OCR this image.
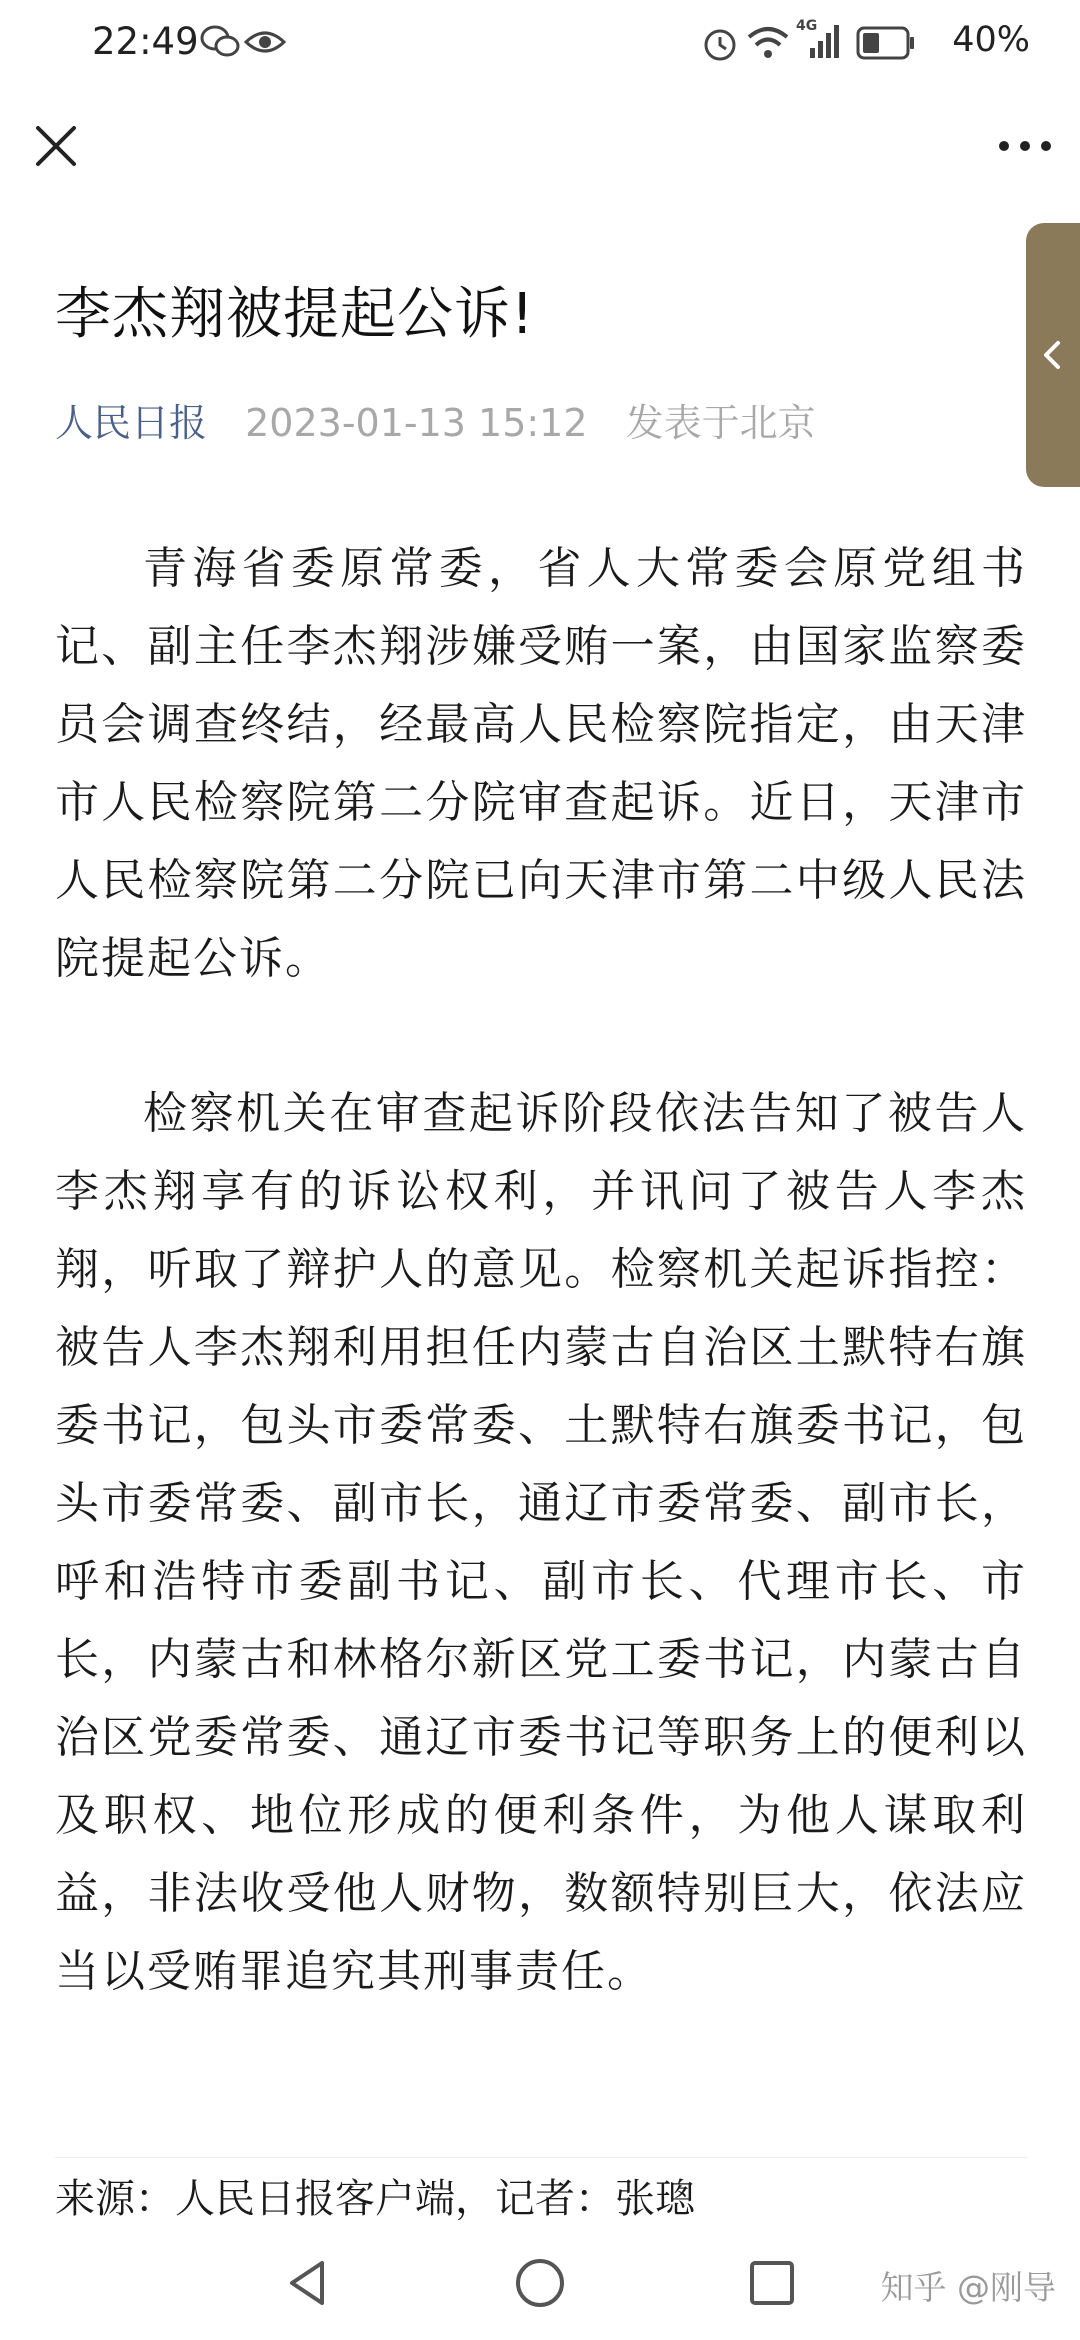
22:49	4G	40%
李杰翔被提起公诉!
人民日报 2023-01-13 15:12 发表于北京

青海省委原常委，省人大常委会原党组书记、副主任李杰翔涉嫌受贿一案，由国家监察委员会调查终结，经最高人民检察院指定，由天津市人民检察院第二分院审查起诉。近日，天津市人民检察院第二分院已向天津市第二中级人民法院提起公诉。

检察机关在审查起诉阶段依法告知了被告人李杰翔享有的诉讼权利，并讯问了被告人李杰翔，听取了辩护人的意见。检察机关起诉指控：被告人李杰翔利用担任内蒙古自治区土默特右旗委书记，包头市委常委、土默特右旗委书记，包头市委常委、副市长，通辽市委常委、副市长，呼和浩特市委副书记、副市长、代理市长、市长，内蒙古和林格尔新区党工委书记，内蒙古自治区党委常委、通辽市委书记等职务上的便利以及职权、地位形成的便利条件，为他人谋取利益，非法收受他人财物，数额特别巨大，依法应当以受贿罪追究其刑事责任。

来源：人民日报客户端，记者：张璁
知乎 @刚导
